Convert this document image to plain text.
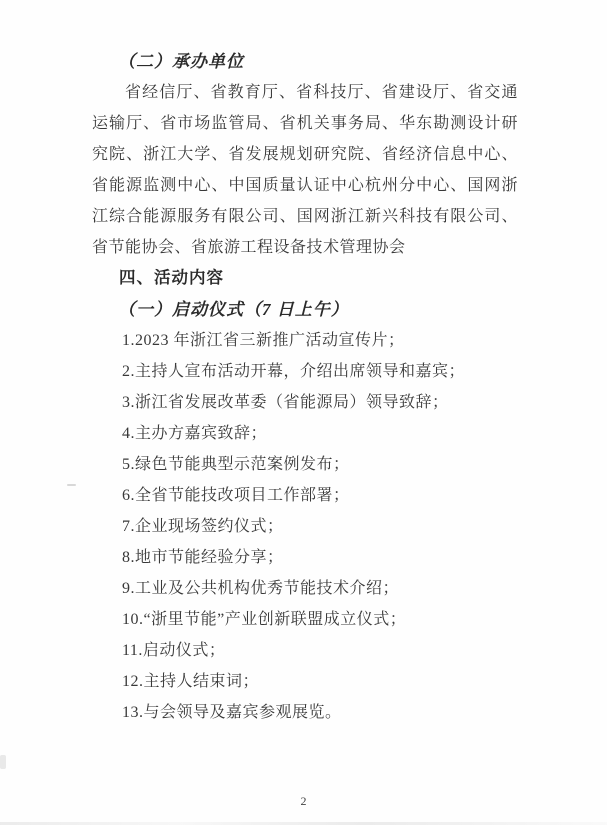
（二）承办单位

省经信厅、省教育厅、省科技厅、省建设厅、省交通运输厅、省市场监管局、省机关事务局、华东勘测设计研究院、浙江大学、省发展规划研究院、省经济信息中心、省能源监测中心、中国质量认证中心杭州分中心、国网浙江综合能源服务有限公司、国网浙江新兴科技有限公司、省节能协会、省旅游工程设备技术管理协会

四、活动内容
（一）启动仪式（7 日上午）
1.2023 年浙江省三新推广活动宣传片；
2.主持人宣布活动开幕，介绍出席领导和嘉宾；
3.浙江省发展改革委（省能源局）领导致辞；
4.主办方嘉宾致辞；
5.绿色节能典型示范案例发布；
6.全省节能技改项目工作部署；
7.企业现场签约仪式；
8.地市节能经验分享；
9.工业及公共机构优秀节能技术介绍；
10.“浙里节能”产业创新联盟成立仪式；
11.启动仪式；
12.主持人结束词；
13.与会领导及嘉宾参观展览。
2
